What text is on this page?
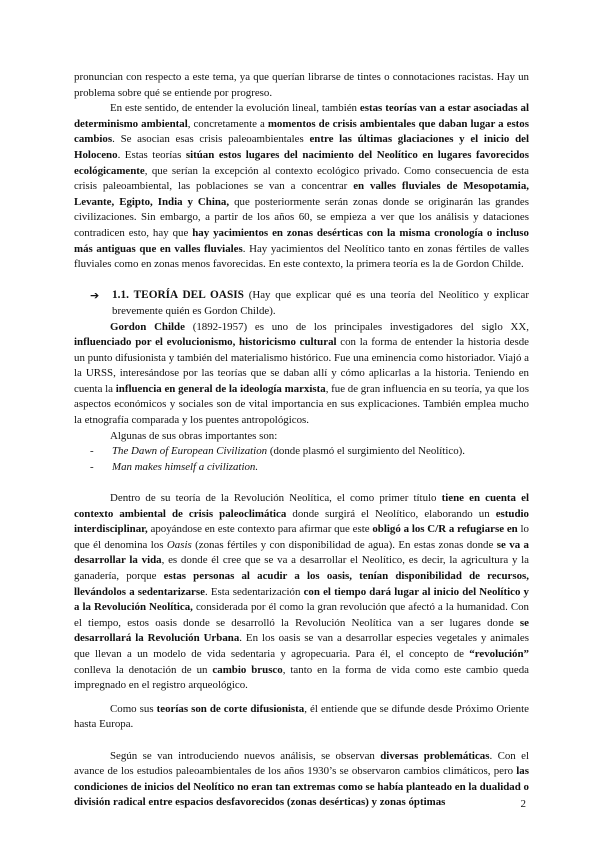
pronuncian con respecto a este tema, ya que querían librarse de tintes o connotaciones racistas. Hay un problema sobre qué se entiende por progreso.

En este sentido, de entender la evolución lineal, también estas teorías van a estar asociadas al determinismo ambiental, concretamente a momentos de crisis ambientales que daban lugar a estos cambios. Se asocian esas crisis paleoambientales entre las últimas glaciaciones y el inicio del Holoceno. Estas teorías sitúan estos lugares del nacimiento del Neolítico en lugares favorecidos ecológicamente, que serían la excepción al contexto ecológico privado. Como consecuencia de esta crisis paleoambiental, las poblaciones se van a concentrar en valles fluviales de Mesopotamia, Levante, Egipto, India y China, que posteriormente serán zonas donde se originarán las grandes civilizaciones. Sin embargo, a partir de los años 60, se empieza a ver que los análisis y dataciones contradicen esto, hay que hay yacimientos en zonas desérticas con la misma cronología o incluso más antiguas que en valles fluviales. Hay yacimientos del Neolítico tanto en zonas fértiles de valles fluviales como en zonas menos favorecidas. En este contexto, la primera teoría es la de Gordon Childe.

➔	1.1. TEORÍA DEL OASIS (Hay que explicar qué es una teoría del Neolítico y explicar brevemente quién es Gordon Childe).

Gordon Childe (1892-1957) es uno de los principales investigadores del siglo XX, influenciado por el evolucionismo, historicismo cultural con la forma de entender la historia desde un punto difusionista y también del materialismo histórico. Fue una eminencia como historiador. Viajó a la URSS, interesándose por las teorías que se daban allí y cómo aplicarlas a la historia. Teniendo en cuenta la influencia en general de la ideología marxista, fue de gran influencia en su teoría, ya que los aspectos económicos y sociales son de vital importancia en sus explicaciones. También emplea mucho la etnografía comparada y los puentes antropológicos.

Algunas de sus obras importantes son:

-	The Dawn of European Civilization (donde plasmó el surgimiento del Neolítico).
-	Man makes himself a civilization.

Dentro de su teoría de la Revolución Neolítica, el como primer título tiene en cuenta el contexto ambiental de crisis paleoclimática donde surgirá el Neolítico, elaborando un estudio interdisciplinar, apoyándose en este contexto para afirmar que este obligó a los C/R a refugiarse en lo que él denomina los Oasis (zonas fértiles y con disponibilidad de agua). En estas zonas donde se va a desarrollar la vida, es donde él cree que se va a desarrollar el Neolítico, es decir, la agricultura y la ganadería, porque estas personas al acudir a los oasis, tenían disponibilidad de recursos, llevándolos a sedentarizarse. Esta sedentarización con el tiempo dará lugar al inicio del Neolítico y a la Revolución Neolítica, considerada por él como la gran revolución que afectó a la humanidad. Con el tiempo, estos oasis donde se desarrolló la Revolución Neolítica van a ser lugares donde se desarrollará la Revolución Urbana. En los oasis se van a desarrollar especies vegetales y animales que llevan a un modelo de vida sedentaria y agropecuaria. Para él, el concepto de “revolución” conlleva la denotación de un cambio brusco, tanto en la forma de vida como este cambio queda impregnado en el registro arqueológico.

Como sus teorías son de corte difusionista, él entiende que se difunde desde Próximo Oriente hasta Europa.

Según se van introduciendo nuevos análisis, se observan diversas problemáticas. Con el avance de los estudios paleoambientales de los años 1930’s se observaron cambios climáticos, pero las condiciones de inicios del Neolítico no eran tan extremas como se había planteado en la dualidad o división radical entre espacios desfavorecidos (zonas desérticas) y zonas óptimas	2
